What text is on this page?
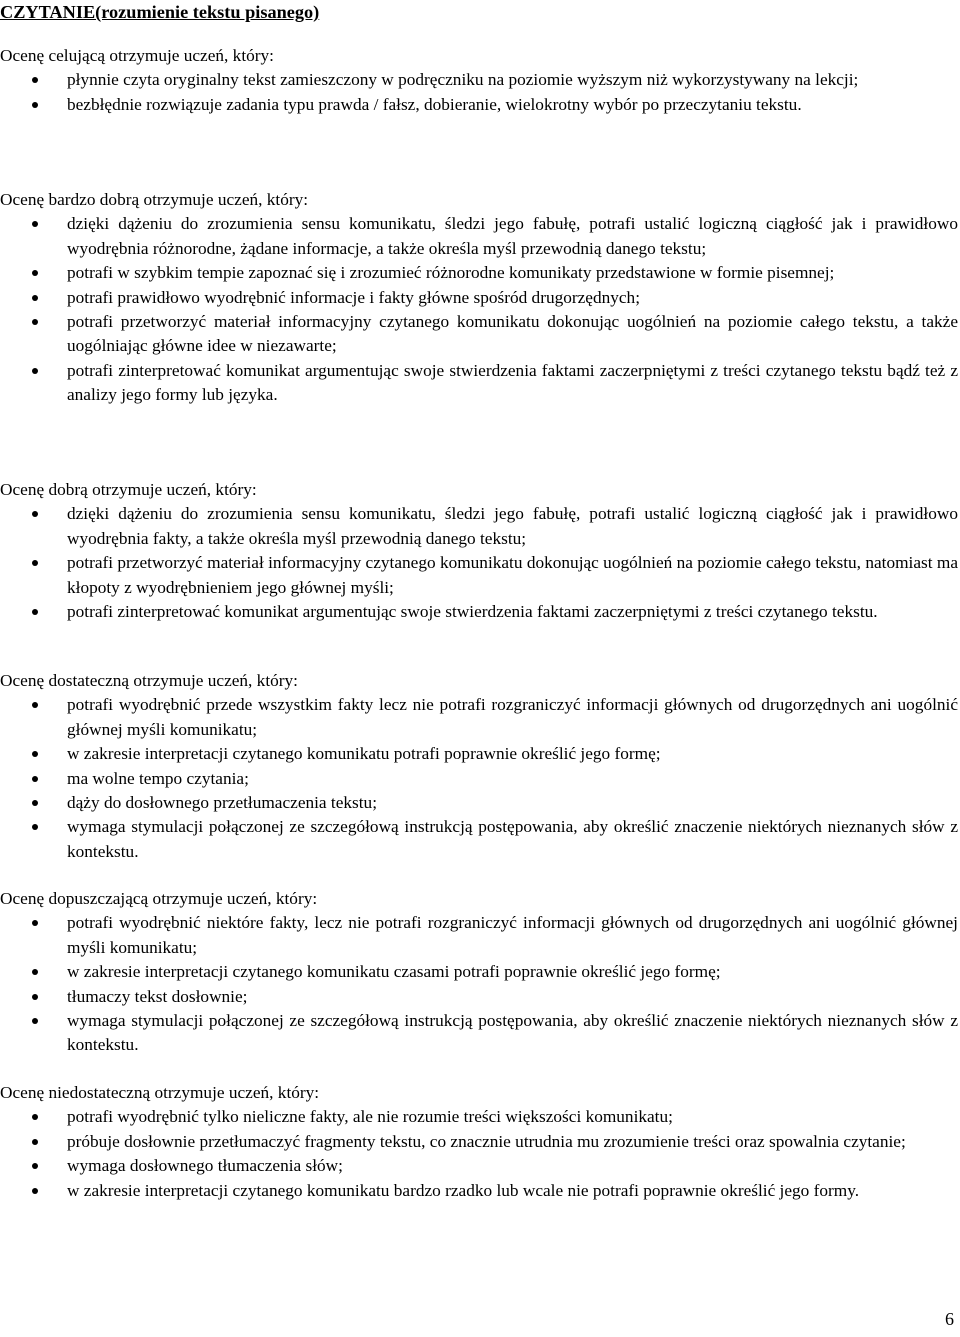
CZYTANIE(rozumienie tekstu pisanego)
Ocenę celującą otrzymuje uczeń, który:
płynnie czyta oryginalny tekst zamieszczony w podręczniku na poziomie wyższym niż wykorzystywany na lekcji;
bezbłędnie rozwiązuje zadania typu prawda / fałsz, dobieranie, wielokrotny wybór po przeczytaniu tekstu.
Ocenę bardzo dobrą otrzymuje uczeń, który:
dzięki dążeniu do zrozumienia sensu komunikatu, śledzi jego fabułę, potrafi ustalić logiczną ciągłość jak i prawidłowo wyodrębnia różnorodne, żądane informacje, a także określa myśl przewodnią danego tekstu;
potrafi w szybkim tempie zapoznać się i zrozumieć różnorodne komunikaty przedstawione w formie pisemnej;
potrafi prawidłowo wyodrębnić informacje i fakty główne spośród drugorzędnych;
potrafi przetworzyć materiał informacyjny czytanego komunikatu dokonując uogólnień na poziomie całego tekstu, a także uogólniając główne idee w niezawarte;
potrafi zinterpretować komunikat argumentując swoje stwierdzenia faktami zaczerpniętymi z treści czytanego tekstu bądź też z analizy jego formy lub języka.
Ocenę dobrą otrzymuje uczeń, który:
dzięki dążeniu do zrozumienia sensu komunikatu, śledzi jego fabułę, potrafi ustalić logiczną ciągłość jak i prawidłowo wyodrębnia fakty, a także określa myśl przewodnią danego tekstu;
potrafi przetworzyć materiał informacyjny czytanego komunikatu dokonując uogólnień na poziomie całego tekstu, natomiast ma kłopoty z wyodrębnieniem jego głównej myśli;
potrafi zinterpretować komunikat argumentując swoje stwierdzenia faktami zaczerpniętymi z treści czytanego tekstu.
Ocenę dostateczną otrzymuje uczeń, który:
potrafi wyodrębnić przede wszystkim fakty lecz nie potrafi rozgraniczyć informacji głównych od drugorzędnych ani uogólnić głównej myśli komunikatu;
w zakresie interpretacji czytanego komunikatu potrafi poprawnie określić jego formę;
ma wolne tempo czytania;
dąży do dosłownego przetłumaczenia tekstu;
wymaga stymulacji połączonej ze szczegółową instrukcją postępowania, aby określić znaczenie niektórych nieznanych słów z kontekstu.
Ocenę dopuszczającą otrzymuje uczeń, który:
potrafi wyodrębnić niektóre fakty, lecz nie potrafi rozgraniczyć informacji głównych od drugorzędnych ani uogólnić głównej myśli komunikatu;
w zakresie interpretacji czytanego komunikatu czasami potrafi poprawnie określić jego formę;
tłumaczy tekst dosłownie;
wymaga stymulacji połączonej ze szczegółową instrukcją postępowania, aby określić znaczenie niektórych nieznanych słów z kontekstu.
Ocenę niedostateczną otrzymuje uczeń, który:
potrafi wyodrębnić tylko nieliczne fakty, ale nie rozumie treści większości komunikatu;
próbuje dosłownie przetłumaczyć fragmenty tekstu, co znacznie utrudnia mu zrozumienie treści oraz spowalnia czytanie;
wymaga dosłownego tłumaczenia słów;
w zakresie interpretacji czytanego komunikatu bardzo rzadko lub wcale nie potrafi poprawnie określić jego formy.
6
